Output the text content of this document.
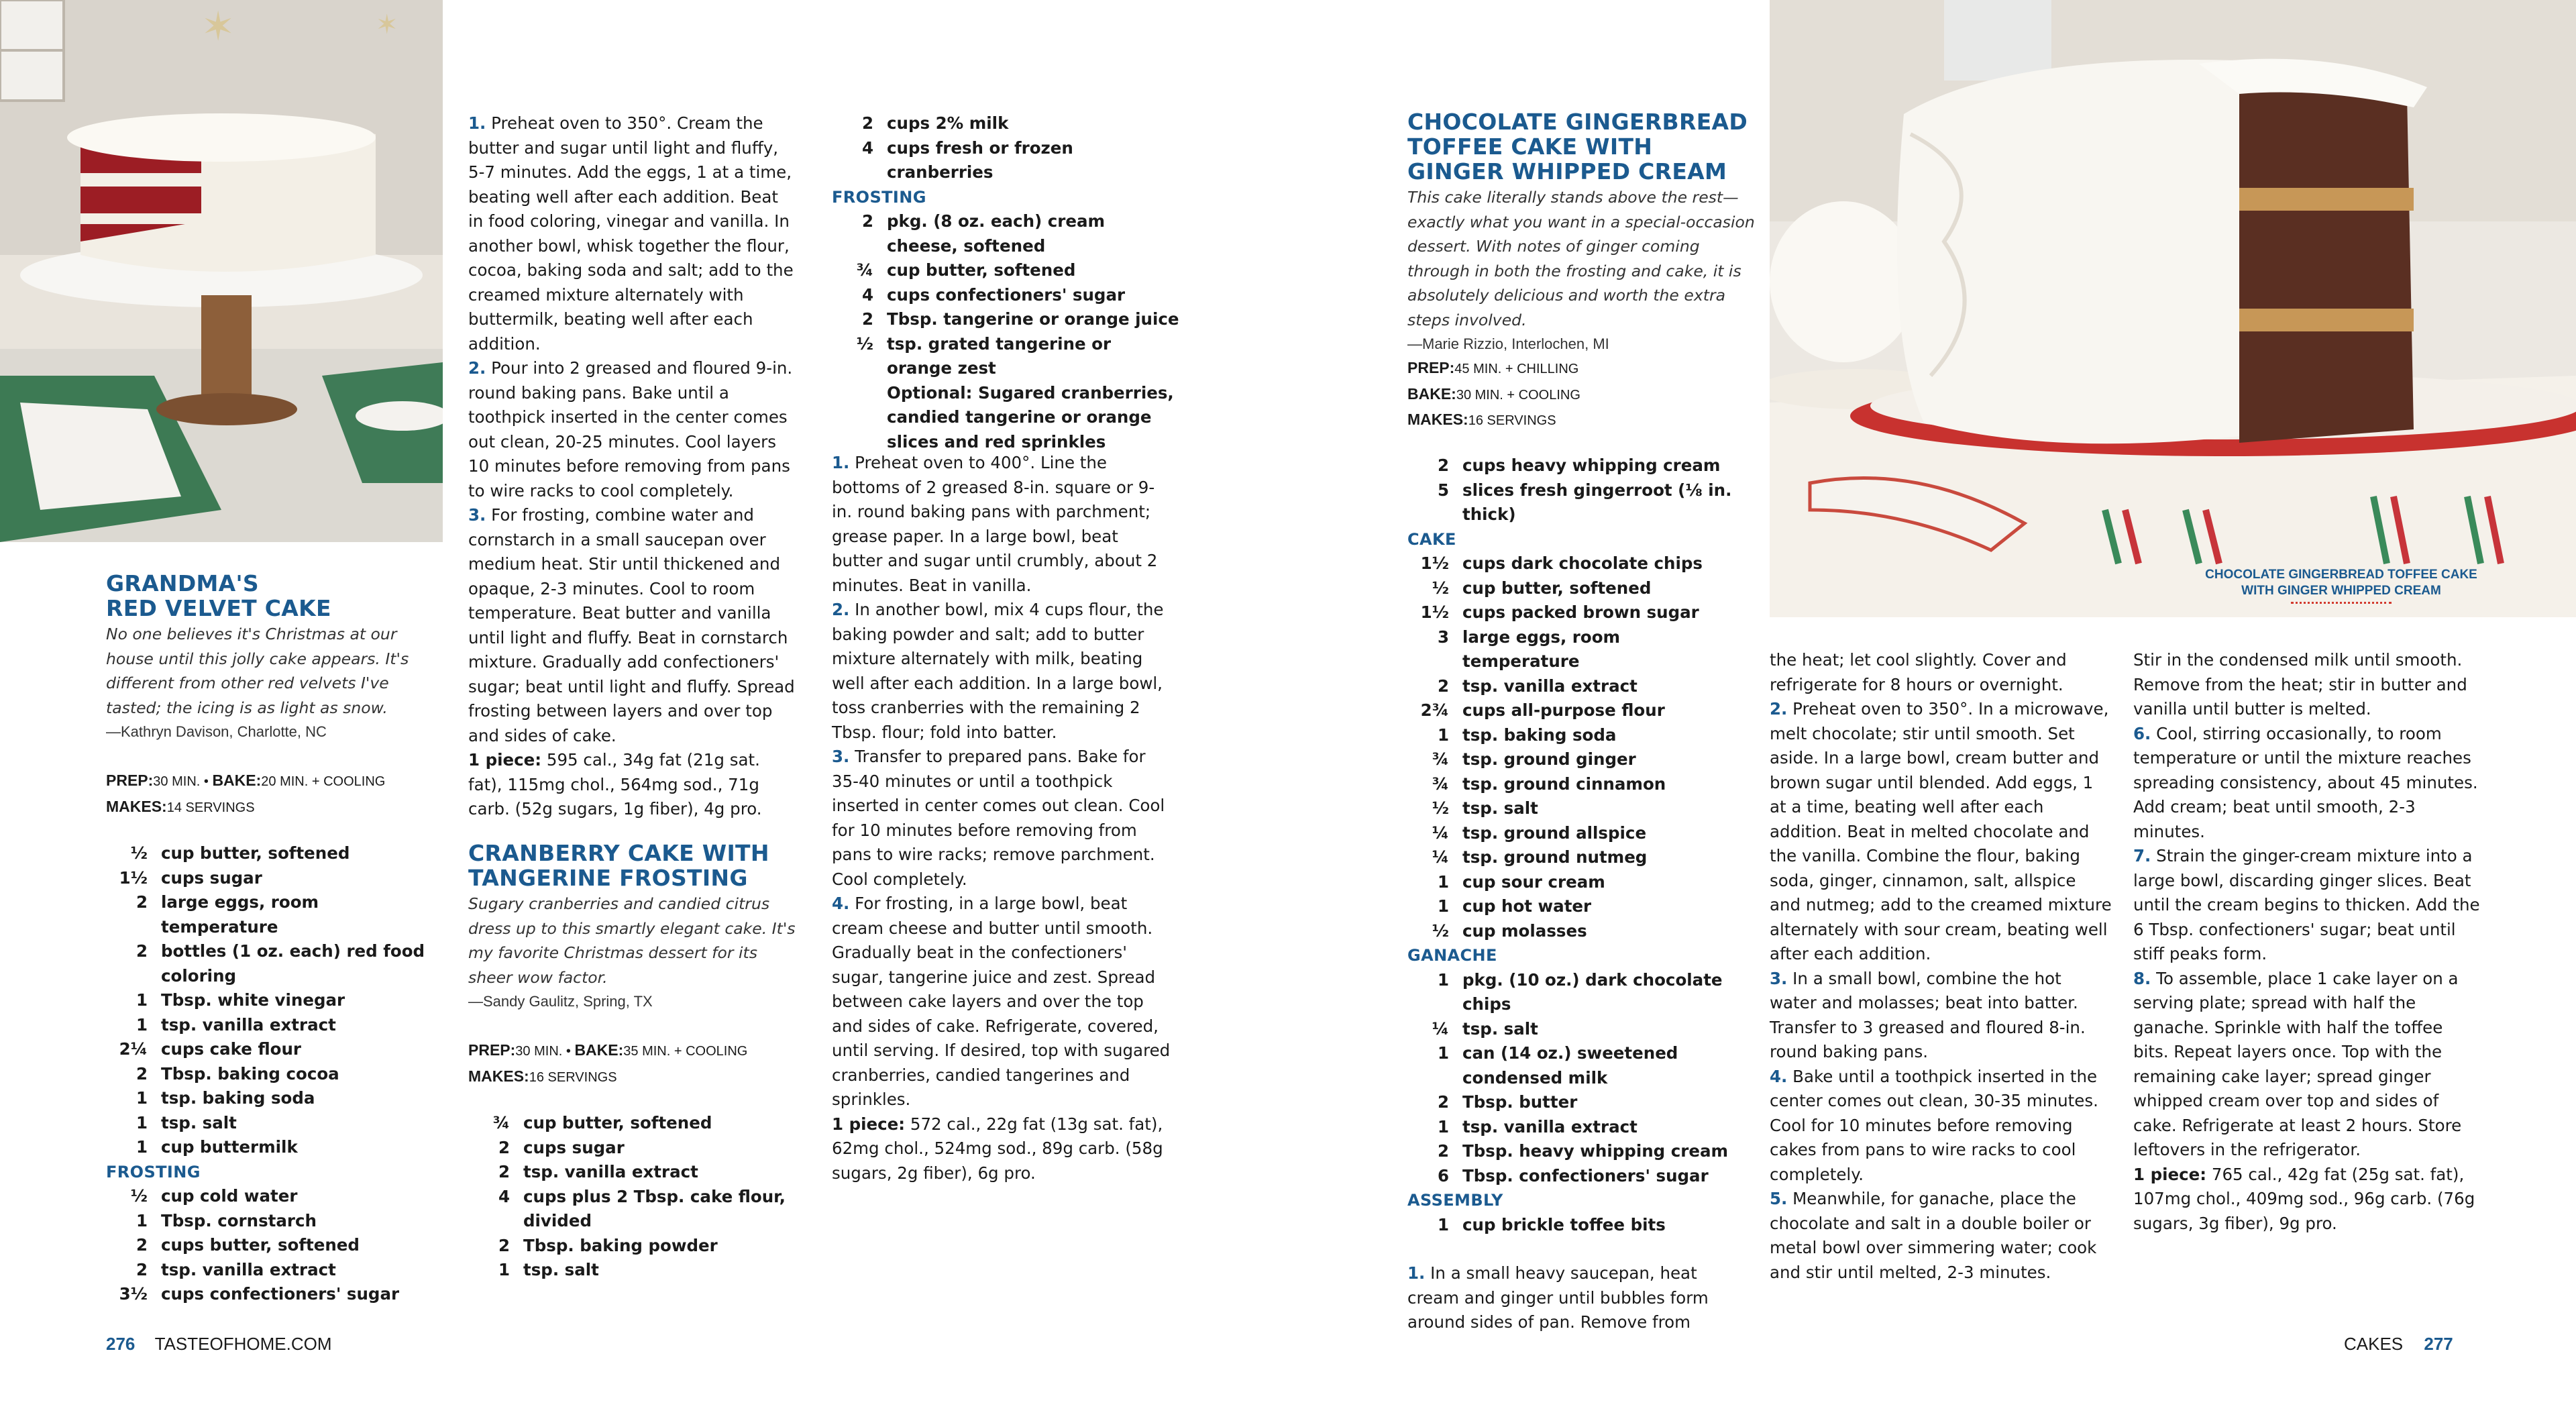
✶	✶
GRANDMA'S
RED VELVET CAKE
No one believes it's Christmas at our house until this jolly cake appears. It's different from other red velvets I've tasted; the icing is as light as snow.
—Kathryn Davison, Charlotte, NC
PREP:30 MIN. • BAKE:20 MIN. + COOLING
MAKES:14 SERVINGS
½ cup butter, softened
1½ cups sugar
2 large eggs, room temperature
2 bottles (1 oz. each) red food coloring
1 Tbsp. white vinegar
1 tsp. vanilla extract
2¼ cups cake flour
2 Tbsp. baking cocoa
1 tsp. baking soda
1 tsp. salt
1 cup buttermilk
FROSTING
½ cup cold water
1 Tbsp. cornstarch
2 cups butter, softened
2 tsp. vanilla extract
3½ cups confectioners' sugar

1. Preheat oven to 350°. Cream the butter and sugar until light and fluffy, 5-7 minutes. Add the eggs, 1 at a time, beating well after each addition. Beat in food coloring, vinegar and vanilla. In another bowl, whisk together the flour, cocoa, baking soda and salt; add to the creamed mixture alternately with buttermilk, beating well after each addition.

2. Pour into 2 greased and floured 9-in. round baking pans. Bake until a toothpick inserted in the center comes out clean, 20-25 minutes. Cool layers 10 minutes before removing from pans to wire racks to cool completely.

3. For frosting, combine water and cornstarch in a small saucepan over medium heat. Stir until thickened and opaque, 2-3 minutes. Cool to room temperature. Beat butter and vanilla until light and fluffy. Beat in cornstarch mixture. Gradually add confectioners' sugar; beat until light and fluffy. Spread frosting between layers and over top and sides of cake.

1 piece: 595 cal., 34g fat (21g sat. fat), 115mg chol., 564mg sod., 71g carb. (52g sugars, 1g fiber), 4g pro.
CRANBERRY CAKE WITH
TANGERINE FROSTING
Sugary cranberries and candied citrus dress up to this smartly elegant cake. It's my favorite Christmas dessert for its sheer wow factor.
—Sandy Gaulitz, Spring, TX
PREP:30 MIN. • BAKE:35 MIN. + COOLING
MAKES:16 SERVINGS
¾ cup butter, softened
2 cups sugar
2 tsp. vanilla extract
4 cups plus 2 Tbsp. cake flour, divided
2 Tbsp. baking powder
1 tsp. salt
2 cups 2% milk
4 cups fresh or frozen cranberries
FROSTING
2 pkg. (8 oz. each) cream cheese, softened
¾ cup butter, softened
4 cups confectioners' sugar
2 Tbsp. tangerine or orange juice
½ tsp. grated tangerine or orange zest
Optional: Sugared cranberries, candied tangerine or orange slices and red sprinkles

1. Preheat oven to 400°. Line the bottoms of 2 greased 8-in. square or 9-in. round baking pans with parchment; grease paper. In a large bowl, beat butter and sugar until crumbly, about 2 minutes. Beat in vanilla.

2. In another bowl, mix 4 cups flour, the baking powder and salt; add to butter mixture alternately with milk, beating well after each addition. In a large bowl, toss cranberries with the remaining 2 Tbsp. flour; fold into batter.

3. Transfer to prepared pans. Bake for 35-40 minutes or until a toothpick inserted in center comes out clean. Cool for 10 minutes before removing from pans to wire racks; remove parchment. Cool completely.

4. For frosting, in a large bowl, beat cream cheese and butter until smooth. Gradually beat in the confectioners' sugar, tangerine juice and zest. Spread between cake layers and over the top and sides of cake. Refrigerate, covered, until serving. If desired, top with sugared cranberries, candied tangerines and sprinkles.

1 piece: 572 cal., 22g fat (13g sat. fat), 62mg chol., 524mg sod., 89g carb. (58g sugars, 2g fiber), 6g pro.
276 TASTEOFHOME.COM
CHOCOLATE GINGERBREAD
TOFFEE CAKE WITH
GINGER WHIPPED CREAM
This cake literally stands above the rest—exactly what you want in a special-occasion dessert. With notes of ginger coming through in both the frosting and cake, it is absolutely delicious and worth the extra steps involved.
—Marie Rizzio, Interlochen, MI
PREP:45 MIN. + CHILLING
BAKE:30 MIN. + COOLING
MAKES:16 SERVINGS
2 cups heavy whipping cream
5 slices fresh gingerroot (⅛ in. thick)
CAKE
1½ cups dark chocolate chips
½ cup butter, softened
1½ cups packed brown sugar
3 large eggs, room temperature
2 tsp. vanilla extract
2¾ cups all-purpose flour
1 tsp. baking soda
¾ tsp. ground ginger
¾ tsp. ground cinnamon
½ tsp. salt
¼ tsp. ground allspice
¼ tsp. ground nutmeg
1 cup sour cream
1 cup hot water
½ cup molasses
GANACHE
1 pkg. (10 oz.) dark chocolate chips
¼ tsp. salt
1 can (14 oz.) sweetened condensed milk
2 Tbsp. butter
1 tsp. vanilla extract
2 Tbsp. heavy whipping cream
6 Tbsp. confectioners' sugar
ASSEMBLY
1 cup brickle toffee bits

1. In a small heavy saucepan, heat cream and ginger until bubbles form around sides of pan. Remove from

CHOCOLATE GINGERBREAD TOFFEE CAKE
WITH GINGER WHIPPED CREAM

the heat; let cool slightly. Cover and refrigerate for 8 hours or overnight.

2. Preheat oven to 350°. In a microwave, melt chocolate; stir until smooth. Set aside. In a large bowl, cream butter and brown sugar until blended. Add eggs, 1 at a time, beating well after each addition. Beat in melted chocolate and the vanilla. Combine the flour, baking soda, ginger, cinnamon, salt, allspice and nutmeg; add to the creamed mixture alternately with sour cream, beating well after each addition.

3. In a small bowl, combine the hot water and molasses; beat into batter. Transfer to 3 greased and floured 8-in. round baking pans.

4. Bake until a toothpick inserted in the center comes out clean, 30-35 minutes. Cool for 10 minutes before removing cakes from pans to wire racks to cool completely.

5. Meanwhile, for ganache, place the chocolate and salt in a double boiler or metal bowl over simmering water; cook and stir until melted, 2-3 minutes.

Stir in the condensed milk until smooth. Remove from the heat; stir in butter and vanilla until butter is melted.

6. Cool, stirring occasionally, to room temperature or until the mixture reaches spreading consistency, about 45 minutes. Add cream; beat until smooth, 2-3 minutes.

7. Strain the ginger-cream mixture into a large bowl, discarding ginger slices. Beat until the cream begins to thicken. Add the 6 Tbsp. confectioners' sugar; beat until stiff peaks form.

8. To assemble, place 1 cake layer on a serving plate; spread with half the ganache. Sprinkle with half the toffee bits. Repeat layers once. Top with the remaining cake layer; spread ginger whipped cream over top and sides of cake. Refrigerate at least 2 hours. Store leftovers in the refrigerator.

1 piece: 765 cal., 42g fat (25g sat. fat), 107mg chol., 409mg sod., 96g carb. (76g sugars, 3g fiber), 9g pro.
CAKES 277
